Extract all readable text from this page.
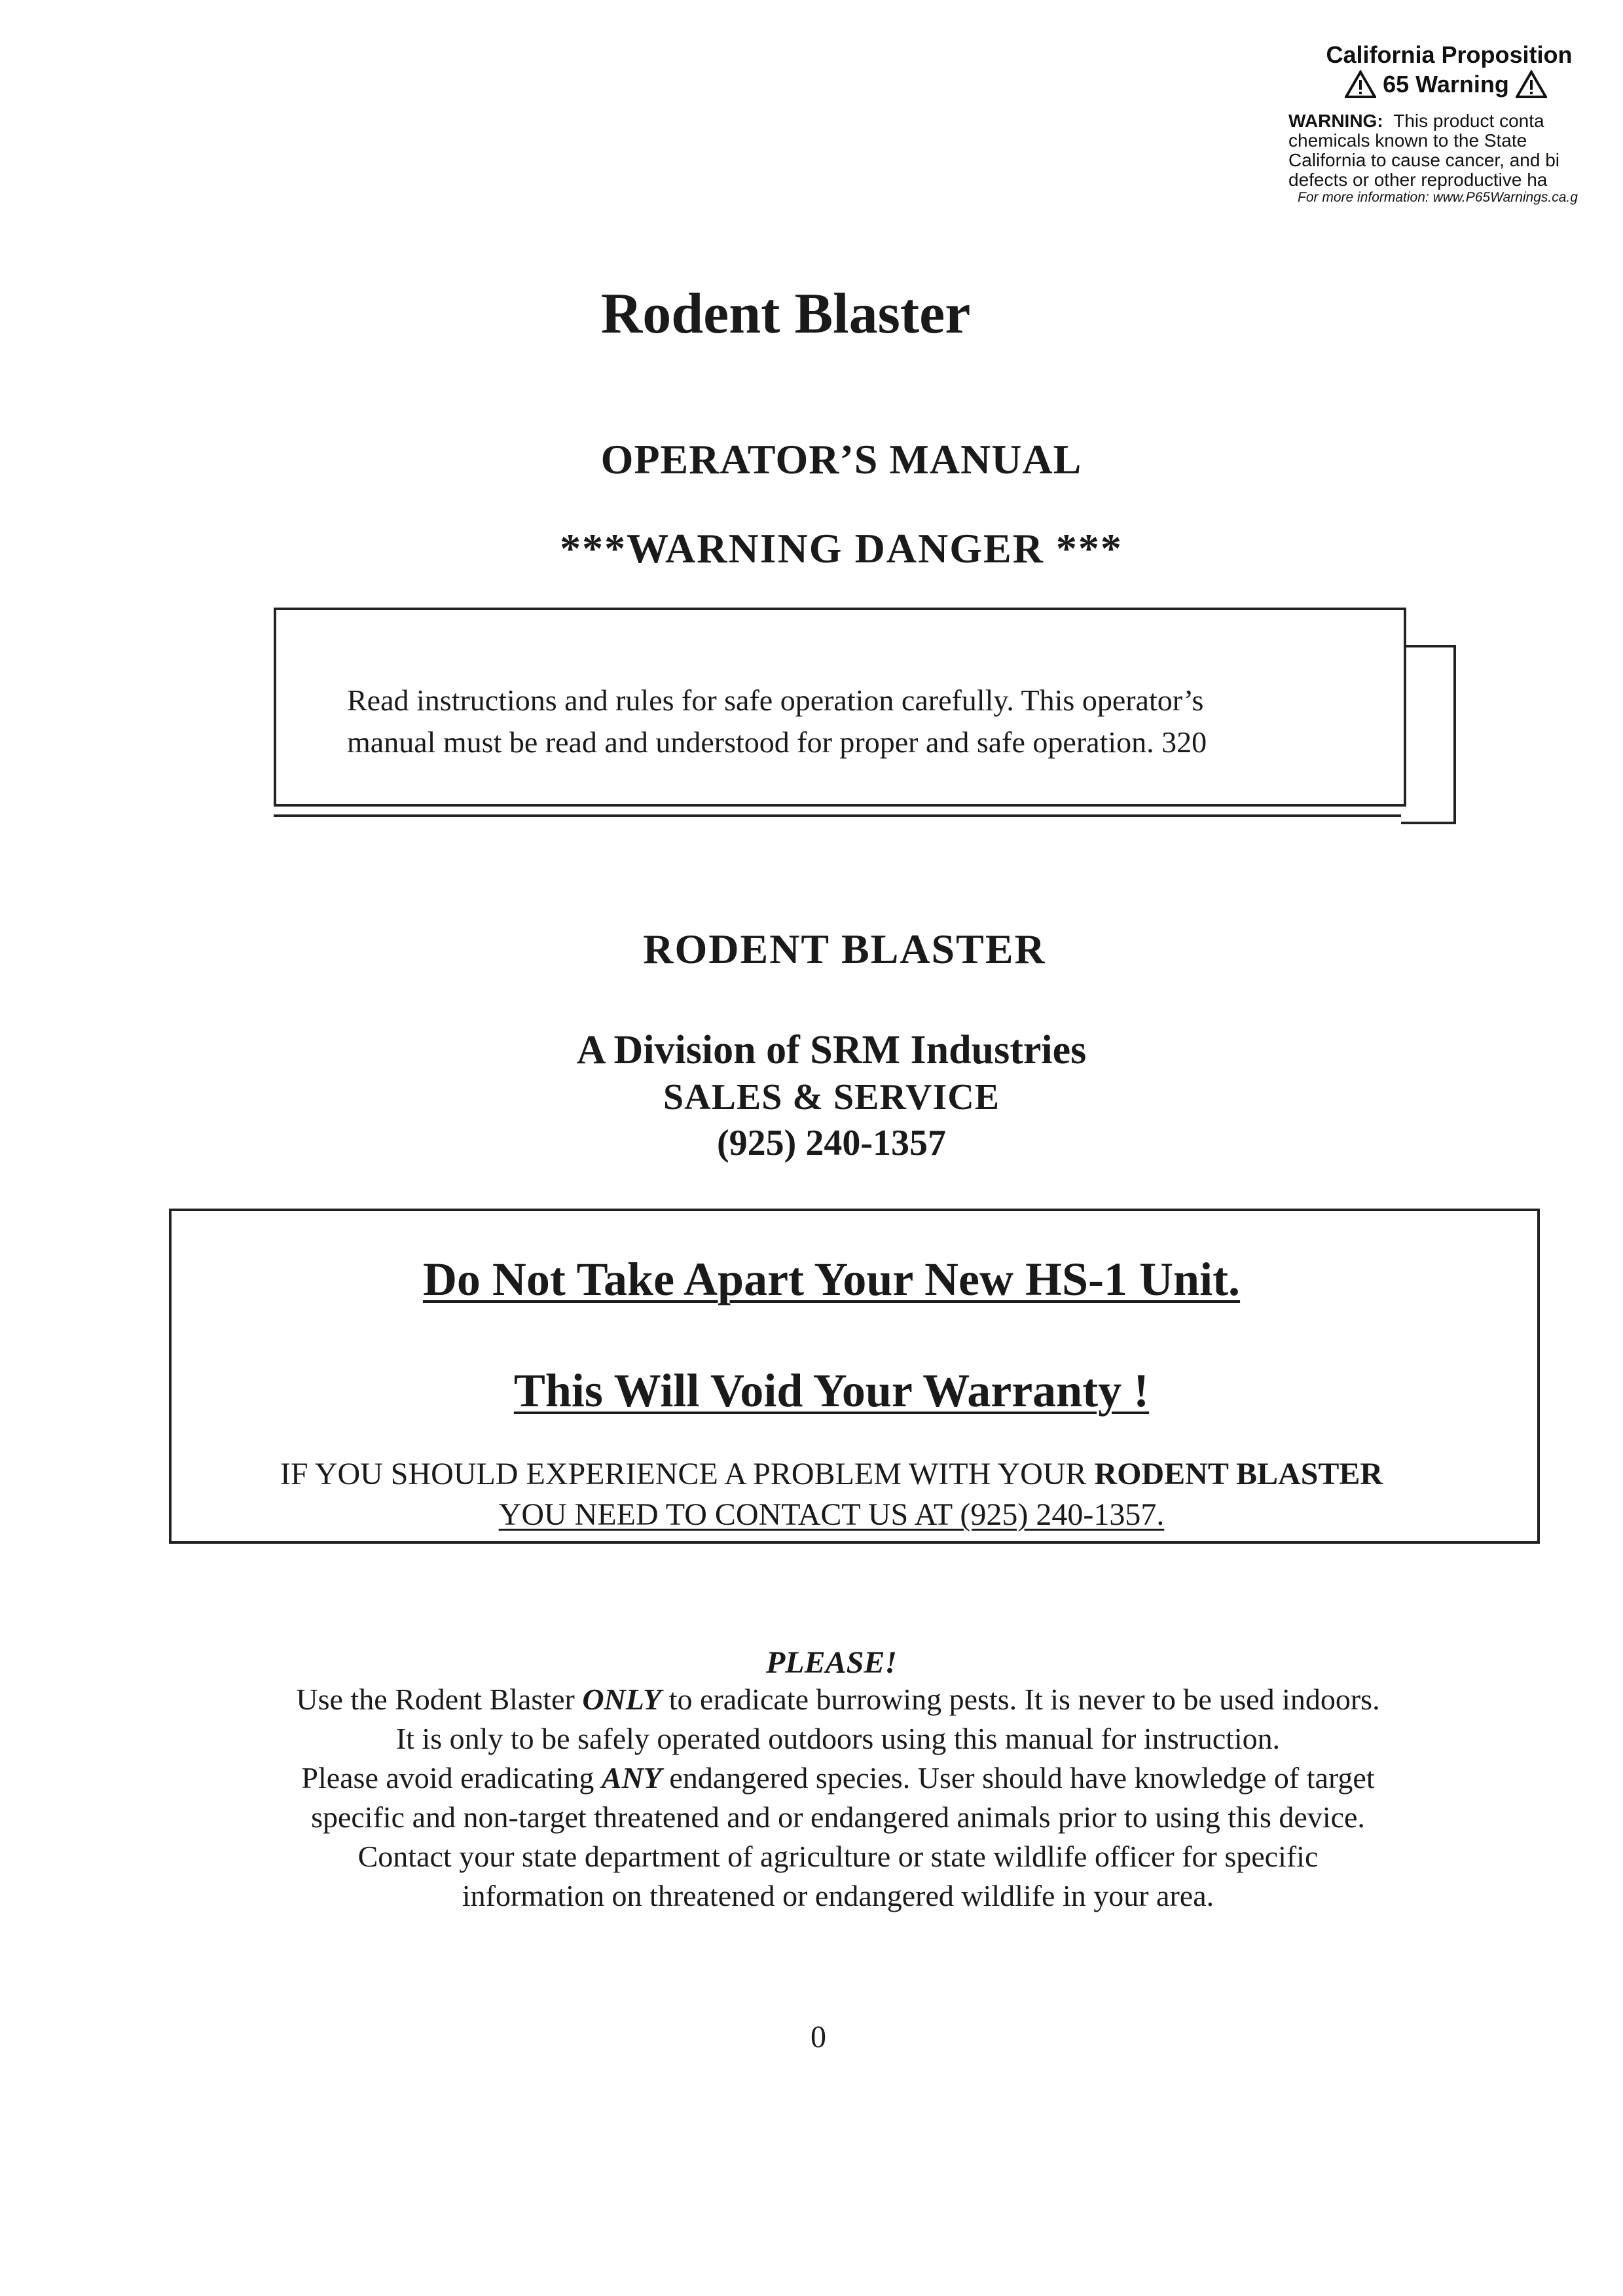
California Proposition
65 Warning
WARNING: This product conta
chemicals known to the State
California to cause cancer, and bi
defects or other reproductive ha
For more information: www.P65Warnings.ca.g
Rodent Blaster
OPERATOR’S MANUAL
***WARNING DANGER ***
Read instructions and rules for safe operation carefully. This operator’s
manual must be read and understood for proper and safe operation. 320
RODENT BLASTER
A Division of SRM Industries
SALES & SERVICE
(925) 240-1357
Do Not Take Apart Your New HS-1 Unit.
This Will Void Your Warranty !
IF YOU SHOULD EXPERIENCE A PROBLEM WITH YOUR RODENT BLASTER
YOU NEED TO CONTACT US AT (925) 240-1357.
PLEASE!
Use the Rodent Blaster ONLY to eradicate burrowing pests. It is never to be used indoors.
It is only to be safely operated outdoors using this manual for instruction.
Please avoid eradicating ANY endangered species. User should have knowledge of target
specific and non-target threatened and or endangered animals prior to using this device.
Contact your state department of agriculture or state wildlife officer for specific
information on threatened or endangered wildlife in your area.
0
